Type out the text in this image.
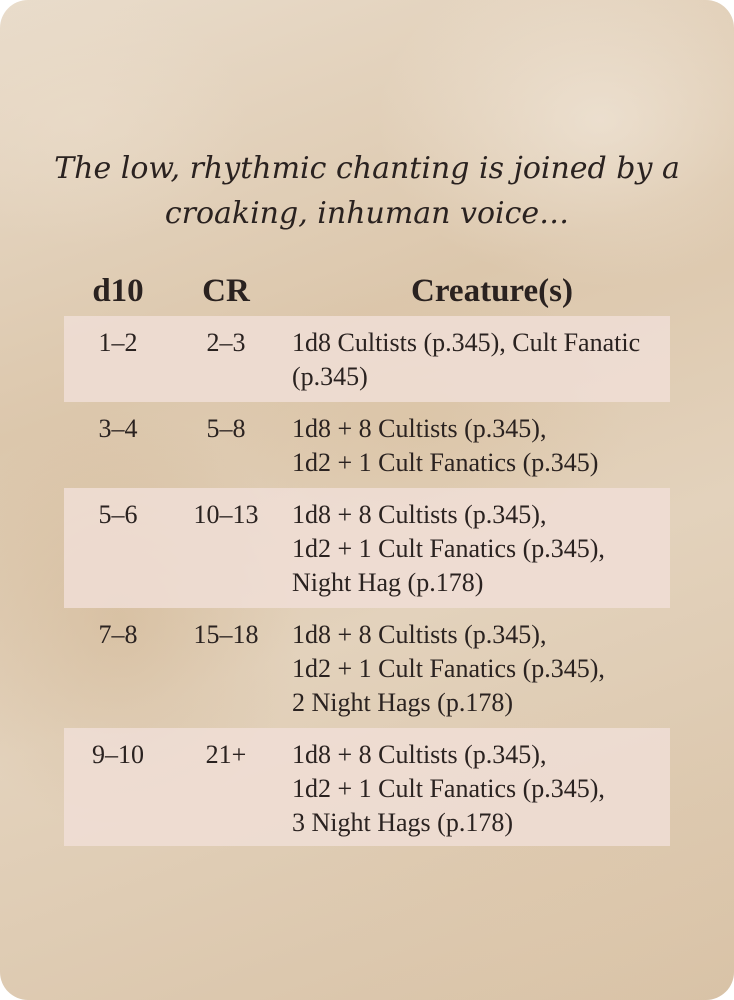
The low, rhythmic chanting is joined by a croaking, inhuman voice…

d10	CR	Creature(s)
1–2	2–3	1d8 Cultists (p.345), Cult Fanatic (p.345)
3–4	5–8	1d8 + 8 Cultists (p.345),
1d2 + 1 Cult Fanatics (p.345)
5–6	10–13	1d8 + 8 Cultists (p.345),
1d2 + 1 Cult Fanatics (p.345),
Night Hag (p.178)
7–8	15–18	1d8 + 8 Cultists (p.345),
1d2 + 1 Cult Fanatics (p.345),
2 Night Hags (p.178)
9–10	21+	1d8 + 8 Cultists (p.345),
1d2 + 1 Cult Fanatics (p.345),
3 Night Hags (p.178)
